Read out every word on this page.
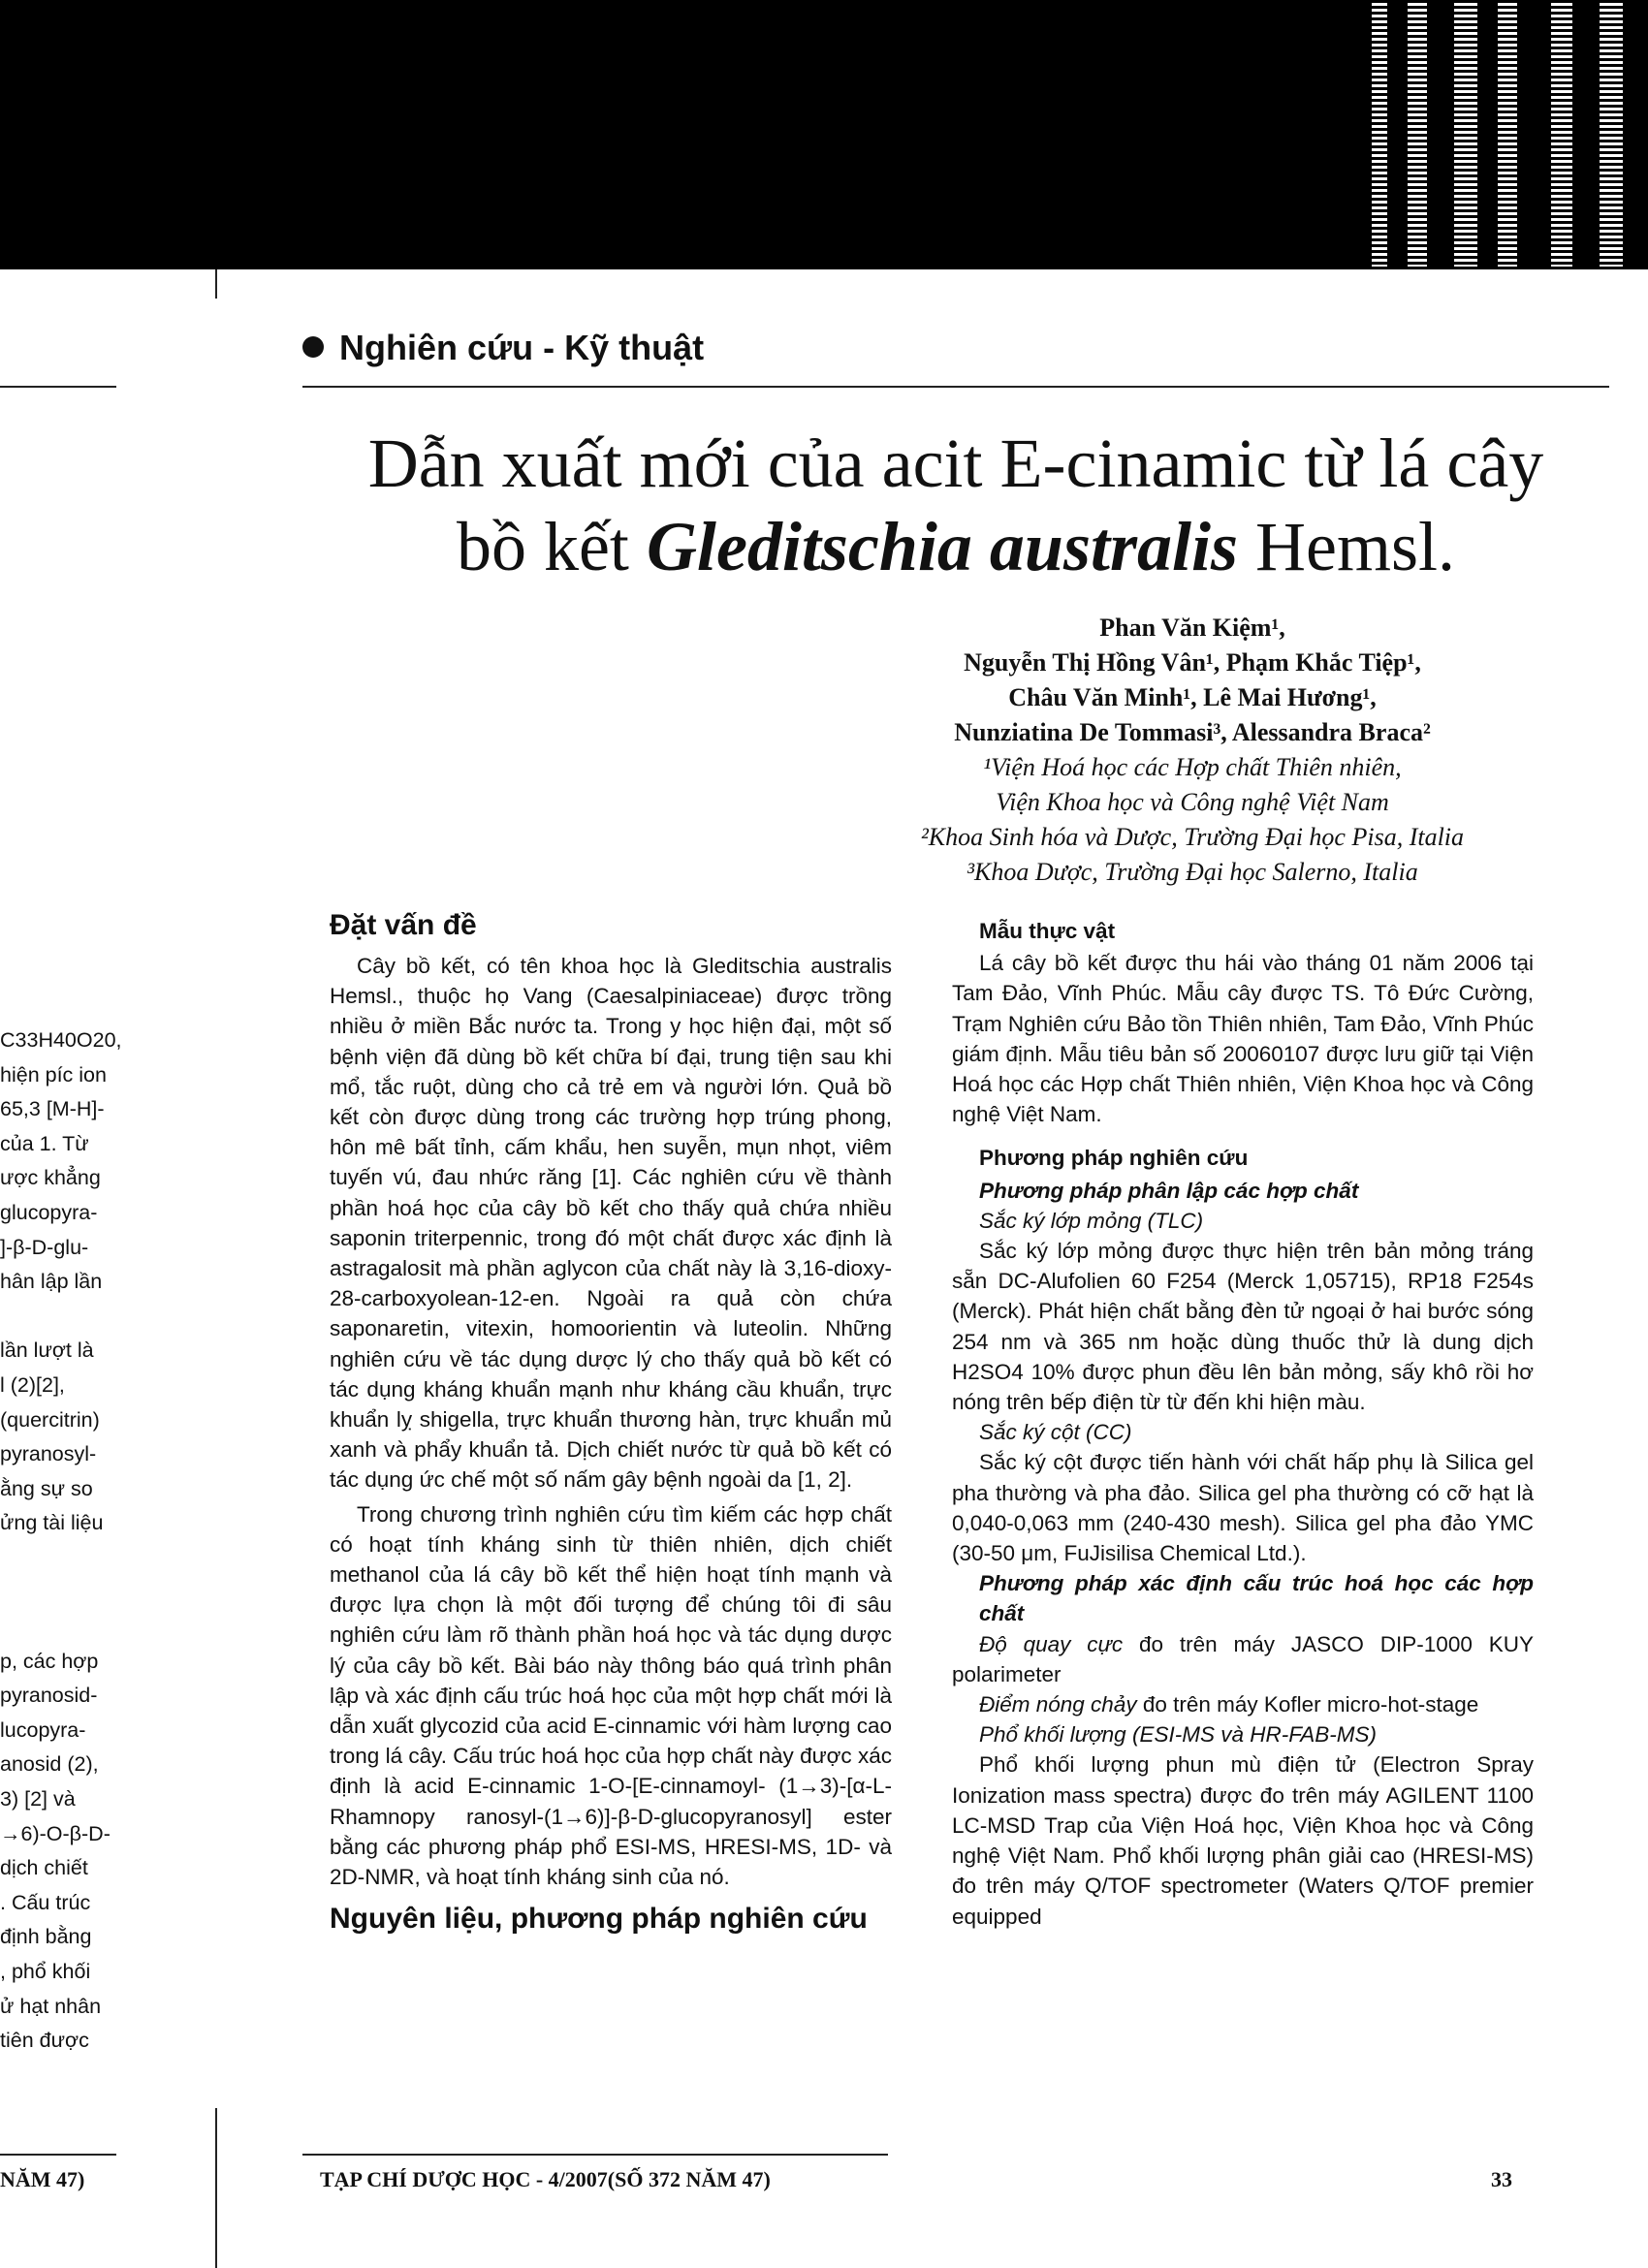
Nghiên cứu - Kỹ thuật
Dẫn xuất mới của acit E-cinamic từ lá cây
bồ kết Gleditschia australis Hemsl.
Phan Văn Kiệm¹,
Nguyễn Thị Hồng Vân¹, Phạm Khắc Tiệp¹,
Châu Văn Minh¹, Lê Mai Hương¹,
Nunziatina De Tommasi³, Alessandra Braca²
¹Viện Hoá học các Hợp chất Thiên nhiên,
Viện Khoa học và Công nghệ Việt Nam
²Khoa Sinh hóa và Dược, Trường Đại học Pisa, Italia
³Khoa Dược, Trường Đại học Salerno, Italia
C33H40O20,
hiện píc ion
65,3 [M-H]-
của 1. Từ
ược khẳng
glucopyra-
]-β-D-glu-
hân lập lần
lần lượt là
l (2)[2],
(quercitrin)
pyranosyl-
ằng sự so
ửng tài liệu
p, các hợp
pyranosid-
lucopyra-
anosid (2),
3) [2] và
→6)-O-β-D-
dịch chiết
. Cấu trúc
định bằng
, phổ khối
ử hạt nhân
tiên được
Đặt vấn đề

Cây bồ kết, có tên khoa học là Gleditschia australis Hemsl., thuộc họ Vang (Caesalpiniaceae) được trồng nhiều ở miền Bắc nước ta. Trong y học hiện đại, một số bệnh viện đã dùng bồ kết chữa bí đại, trung tiện sau khi mổ, tắc ruột, dùng cho cả trẻ em và người lớn. Quả bồ kết còn được dùng trong các trường hợp trúng phong, hôn mê bất tỉnh, cấm khẩu, hen suyễn, mụn nhọt, viêm tuyến vú, đau nhức răng [1]. Các nghiên cứu về thành phần hoá học của cây bồ kết cho thấy quả chứa nhiều saponin triterpennic, trong đó một chất được xác định là astragalosit mà phần aglycon của chất này là 3,16-dioxy-28-carboxyolean-12-en. Ngoài ra quả còn chứa saponaretin, vitexin, homoorientin và luteolin. Những nghiên cứu về tác dụng dược lý cho thấy quả bồ kết có tác dụng kháng khuẩn mạnh như kháng cầu khuẩn, trực khuẩn lỵ shigella, trực khuẩn thương hàn, trực khuẩn mủ xanh và phẩy khuẩn tả. Dịch chiết nước từ quả bồ kết có tác dụng ức chế một số nấm gây bệnh ngoài da [1, 2].

Trong chương trình nghiên cứu tìm kiếm các hợp chất có hoạt tính kháng sinh từ thiên nhiên, dịch chiết methanol của lá cây bồ kết thể hiện hoạt tính mạnh và được lựa chọn là một đối tượng để chúng tôi đi sâu nghiên cứu làm rõ thành phần hoá học và tác dụng dược lý của cây bồ kết. Bài báo này thông báo quá trình phân lập và xác định cấu trúc hoá học của một hợp chất mới là dẫn xuất glycozid của acid E-cinnamic với hàm lượng cao trong lá cây. Cấu trúc hoá học của hợp chất này được xác định là acid E-cinnamic 1-O-[E-cinnamoyl- (1→3)-[α-L-Rhamnopy ranosyl-(1→6)]-β-D-glucopyranosyl] ester bằng các phương pháp phổ ESI-MS, HRESI-MS, 1D- và 2D-NMR, và hoạt tính kháng sinh của nó.

Nguyên liệu, phương pháp nghiên cứu
Mẫu thực vật

Lá cây bồ kết được thu hái vào tháng 01 năm 2006 tại Tam Đảo, Vĩnh Phúc. Mẫu cây được TS. Tô Đức Cường, Trạm Nghiên cứu Bảo tồn Thiên nhiên, Tam Đảo, Vĩnh Phúc giám định. Mẫu tiêu bản số 20060107 được lưu giữ tại Viện Hoá học các Hợp chất Thiên nhiên, Viện Khoa học và Công nghệ Việt Nam.

Phương pháp nghiên cứu
Phương pháp phân lập các hợp chất
Sắc ký lớp mỏng (TLC)

Sắc ký lớp mỏng được thực hiện trên bản mỏng tráng sẵn DC-Alufolien 60 F254 (Merck 1,05715), RP18 F254s (Merck). Phát hiện chất bằng đèn tử ngoại ở hai bước sóng 254 nm và 365 nm hoặc dùng thuốc thử là dung dịch H2SO4 10% được phun đều lên bản mỏng, sấy khô rồi hơ nóng trên bếp điện từ từ đến khi hiện màu.

Sắc ký cột (CC)

Sắc ký cột được tiến hành với chất hấp phụ là Silica gel pha thường và pha đảo. Silica gel pha thường có cỡ hạt là 0,040-0,063 mm (240-430 mesh). Silica gel pha đảo YMC (30-50 μm, FuJisilisa Chemical Ltd.).

Phương pháp xác định cấu trúc hoá học các hợp chất

Độ quay cực đo trên máy JASCO DIP-1000 KUY polarimeter

Điểm nóng chảy đo trên máy Kofler micro-hot-stage

Phổ khối lượng (ESI-MS và HR-FAB-MS)

Phổ khối lượng phun mù điện tử (Electron Spray Ionization mass spectra) được đo trên máy AGILENT 1100 LC-MSD Trap của Viện Hoá học, Viện Khoa học và Công nghệ Việt Nam. Phổ khối lượng phân giải cao (HRESI-MS) đo trên máy Q/TOF spectrometer (Waters Q/TOF premier equipped

NĂM 47)	TẠP CHÍ DƯỢC HỌC - 4/2007(SỐ 372 NĂM 47)	33
